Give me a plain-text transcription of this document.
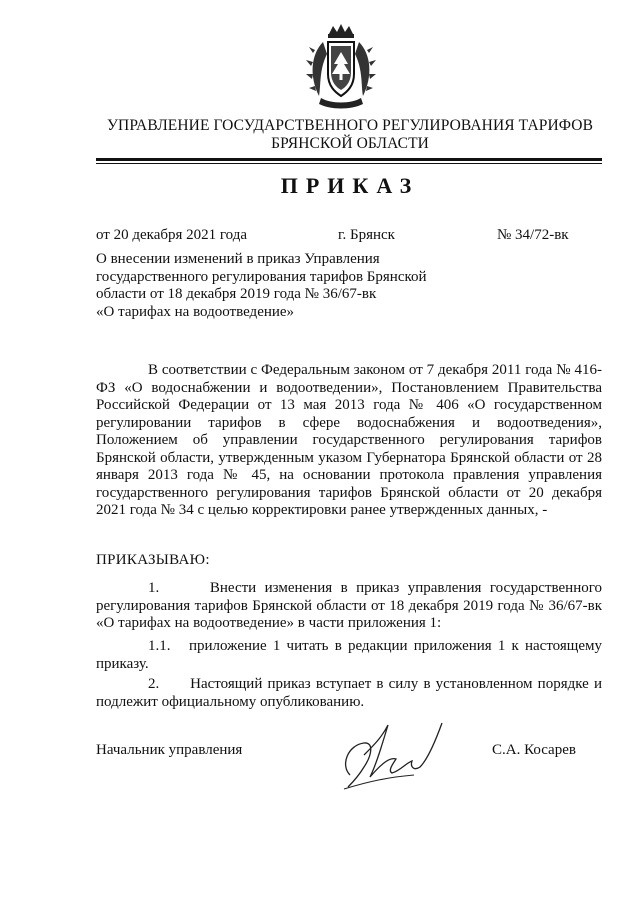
УПРАВЛЕНИЕ ГОСУДАРСТВЕННОГО РЕГУЛИРОВАНИЯ ТАРИФОВ
БРЯНСКОЙ ОБЛАСТИ
ПРИКАЗ
от 20 декабря 2021 года	г. Брянск	№ 34/72-вк
О внесении изменений в приказ Управления
государственного регулирования тарифов Брянской
области от 18 декабря 2019 года № 36/67-вк
«О тарифах на водоотведение»
В соответствии с Федеральным законом от 7 декабря 2011 года № 416-ФЗ «О водоснабжении и водоотведении», Постановлением Правительства Российской Федерации от 13 мая 2013 года № 406 «О государственном регулировании тарифов в сфере водоснабжения и водоотведения», Положением об управлении государственного регулирования тарифов Брянской области, утвержденным указом Губернатора Брянской области от 28 января 2013 года № 45, на основании протокола правления управления государственного регулирования тарифов Брянской области от 20 декабря 2021 года № 34 с целью корректировки ранее утвержденных данных, -
ПРИКАЗЫВАЮ:
1.      Внести изменения в приказ управления государственного регулирования тарифов Брянской области от 18 декабря 2019 года № 36/67-вк «О тарифах на водоотведение» в части приложения 1:
1.1.   приложение 1 читать в редакции приложения 1 к настоящему приказу.
2.      Настоящий приказ вступает в силу в установленном порядке и подлежит официальному опубликованию.
Начальник управления	С.А. Косарев
